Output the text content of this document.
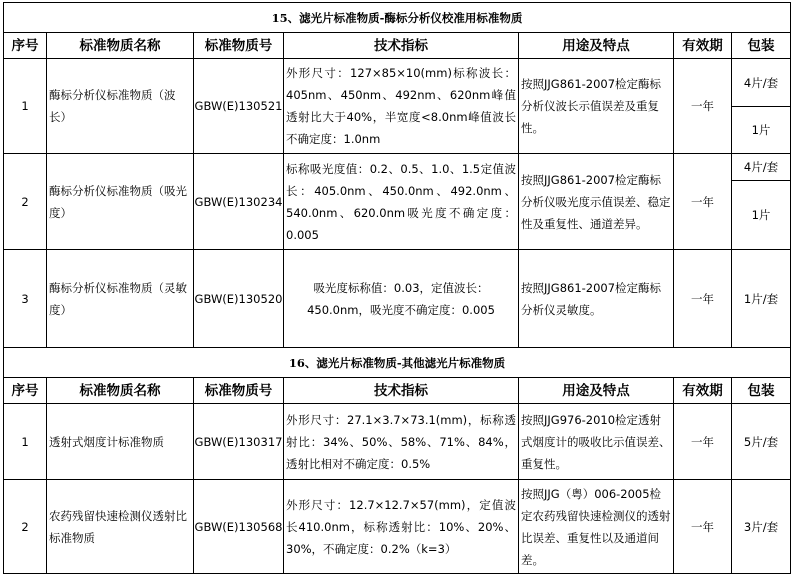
15、滤光片标准物质-酶标分析仪校准用标准物质						
序号	标准物质名称	标准物质号	技术指标	用途及特点	有效期	包装
1	酶标分析仪标准物质（波长）	GBW(E)130521	外形尺寸：127×85×10(mm)标称波长：405nm、450nm、492nm、620nm峰值透射比大于40%，半宽度<8.0nm峰值波长不确定度：1.0nm	按照JJG861-2007检定酶标分析仪波长示值误差及重复性。	一年	4片/套
						1片
2	酶标分析仪标准物质（吸光度）	GBW(E)130234	标称吸光度值：0.2、0.5、1.0、1.5定值波长：405.0nm、450.0nm、492.0nm、540.0nm、620.0nm吸光度不确定度：0.005	按照JJG861-2007检定酶标分析仪吸光度示值误差、稳定性及重复性、通道差异。	一年	4片/套
						1片
3	酶标分析仪标准物质（灵敏度）	GBW(E)130520	吸光度标称值：0.03，定值波长：450.0nm，吸光度不确定度：0.005	按照JJG861-2007检定酶标分析仪灵敏度。	一年	1片/套
16、滤光片标准物质-其他滤光片标准物质						
序号	标准物质名称	标准物质号	技术指标	用途及特点	有效期	包装
1	透射式烟度计标准物质	GBW(E)130317	外形尺寸：27.1×3.7×73.1(mm)，标称透射比：34%、50%、58%、71%、84%，透射比相对不确定度：0.5%	按照JJG976-2010检定透射式烟度计的吸收比示值误差、重复性。	一年	5片/套
2	农药残留快速检测仪透射比标准物质	GBW(E)130568	外形尺寸：12.7×12.7×57(mm)，定值波长410.0nm，标称透射比：10%、20%、30%，不确定度：0.2%（k=3）	按照JJG（粤）006-2005检定农药残留快速检测仪的透射比误差、重复性以及通道间差。	一年	3片/套
